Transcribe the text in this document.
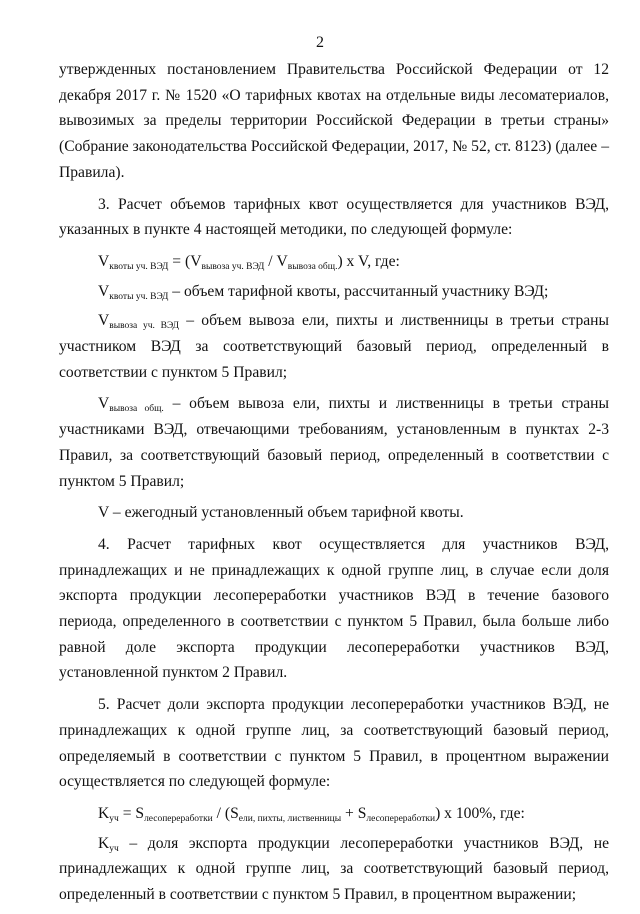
2

утвержденных постановлением Правительства Российской Федерации от 12 декабря 2017 г. № 1520 «О тарифных квотах на отдельные виды лесоматериалов, вывозимых за пределы территории Российской Федерации в третьи страны» (Собрание законодательства Российской Федерации, 2017, № 52, ст. 8123) (далее – Правила).

3. Расчет объемов тарифных квот осуществляется для участников ВЭД, указанных в пункте 4 настоящей методики, по следующей формуле:

$V_{квоты уч. ВЭД} = (V_{вывоза уч. ВЭД} / V_{вывоза общ.})$ x V, где:

$V_{квоты уч. ВЭД}$ – объем тарифной квоты, рассчитанный участнику ВЭД;

$V_{вывоза уч. ВЭД}$ – объем вывоза ели, пихты и лиственницы в третьи страны участником ВЭД за соответствующий базовый период, определенный в соответствии с пунктом 5 Правил;

$V_{вывоза общ.}$ – объем вывоза ели, пихты и лиственницы в третьи страны участниками ВЭД, отвечающими требованиям, установленным в пунктах 2-3 Правил, за соответствующий базовый период, определенный в соответствии с пунктом 5 Правил;

V – ежегодный установленный объем тарифной квоты.

4. Расчет тарифных квот осуществляется для участников ВЭД, принадлежащих и не принадлежащих к одной группе лиц, в случае если доля экспорта продукции лесопереработки участников ВЭД в течение базового периода, определенного в соответствии с пунктом 5 Правил, была больше либо равной доле экспорта продукции лесопереработки участников ВЭД, установленной пунктом 2 Правил.

5. Расчет доли экспорта продукции лесопереработки участников ВЭД, не принадлежащих к одной группе лиц, за соответствующий базовый период, определяемый в соответствии с пунктом 5 Правил, в процентном выражении осуществляется по следующей формуле:

$K_{уч} = S_{лесопереработки} / (S_{ели, пихты, лиственницы} + S_{лесопереработки})$ x 100%, где:

$K_{уч}$ – доля экспорта продукции лесопереработки участников ВЭД, не принадлежащих к одной группе лиц, за соответствующий базовый период, определенный в соответствии с пунктом 5 Правил, в процентном выражении;
